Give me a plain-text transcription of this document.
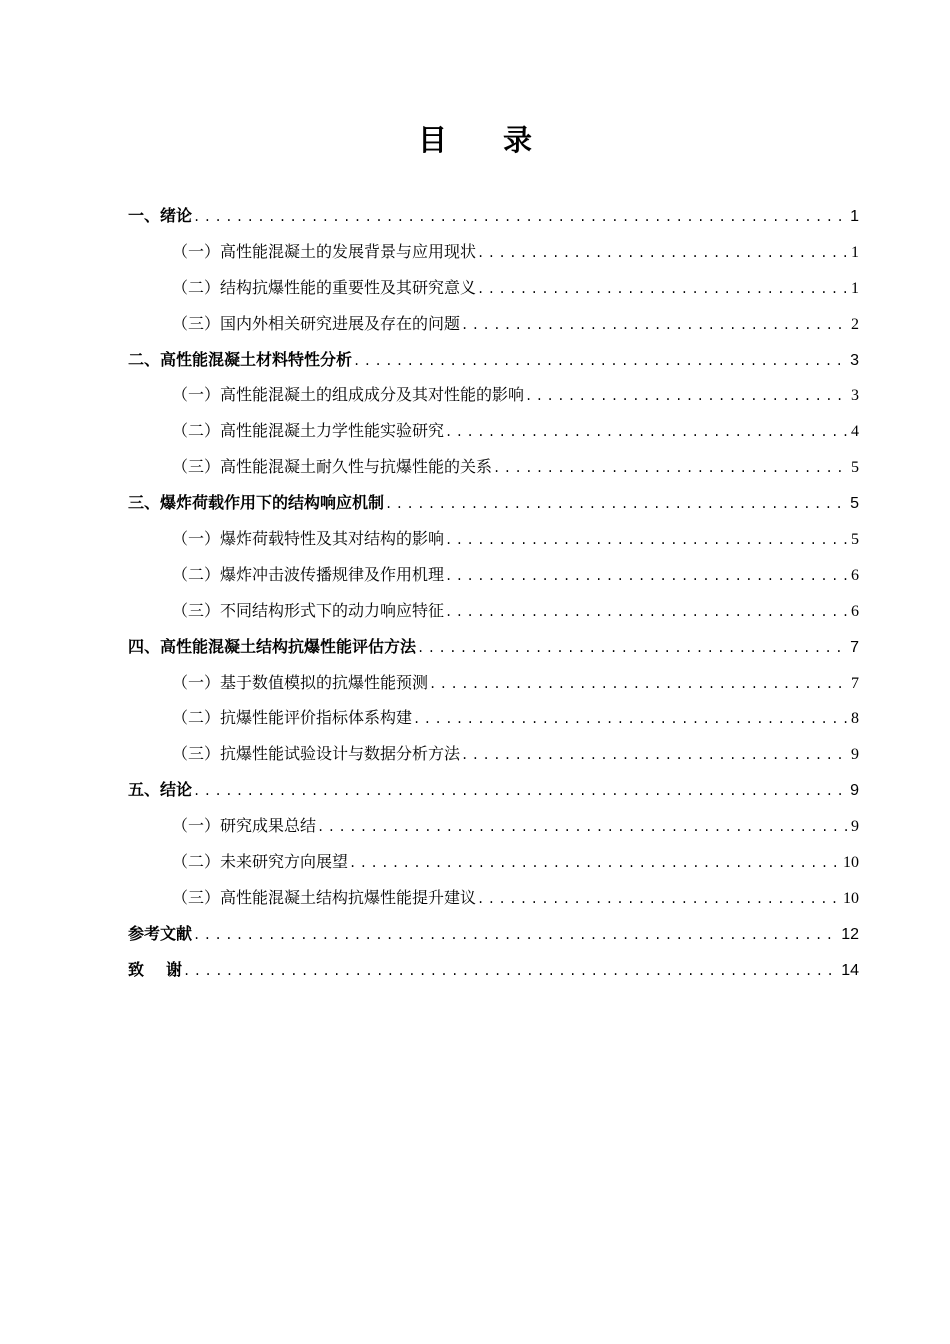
目 录
一、绪论 .....	1
（一）高性能混凝土的发展背景与应用现状 .....	1
（二）结构抗爆性能的重要性及其研究意义 .....	1
（三）国内外相关研究进展及存在的问题 .....	2
二、高性能混凝土材料特性分析 .....	3
（一）高性能混凝土的组成成分及其对性能的影响 .....	3
（二）高性能混凝土力学性能实验研究 .....	4
（三）高性能混凝土耐久性与抗爆性能的关系 .....	5
三、爆炸荷载作用下的结构响应机制 .....	5
（一）爆炸荷载特性及其对结构的影响 .....	5
（二）爆炸冲击波传播规律及作用机理 .....	6
（三）不同结构形式下的动力响应特征 .....	6
四、高性能混凝土结构抗爆性能评估方法 .....	7
（一）基于数值模拟的抗爆性能预测 .....	7
（二）抗爆性能评价指标体系构建 .....	8
（三）抗爆性能试验设计与数据分析方法 .....	9
五、结论 .....	9
（一）研究成果总结 .....	9
（二）未来研究方向展望 .....	10
（三）高性能混凝土结构抗爆性能提升建议 .....	10
参考文献 .....	12
致 谢 .....	14
